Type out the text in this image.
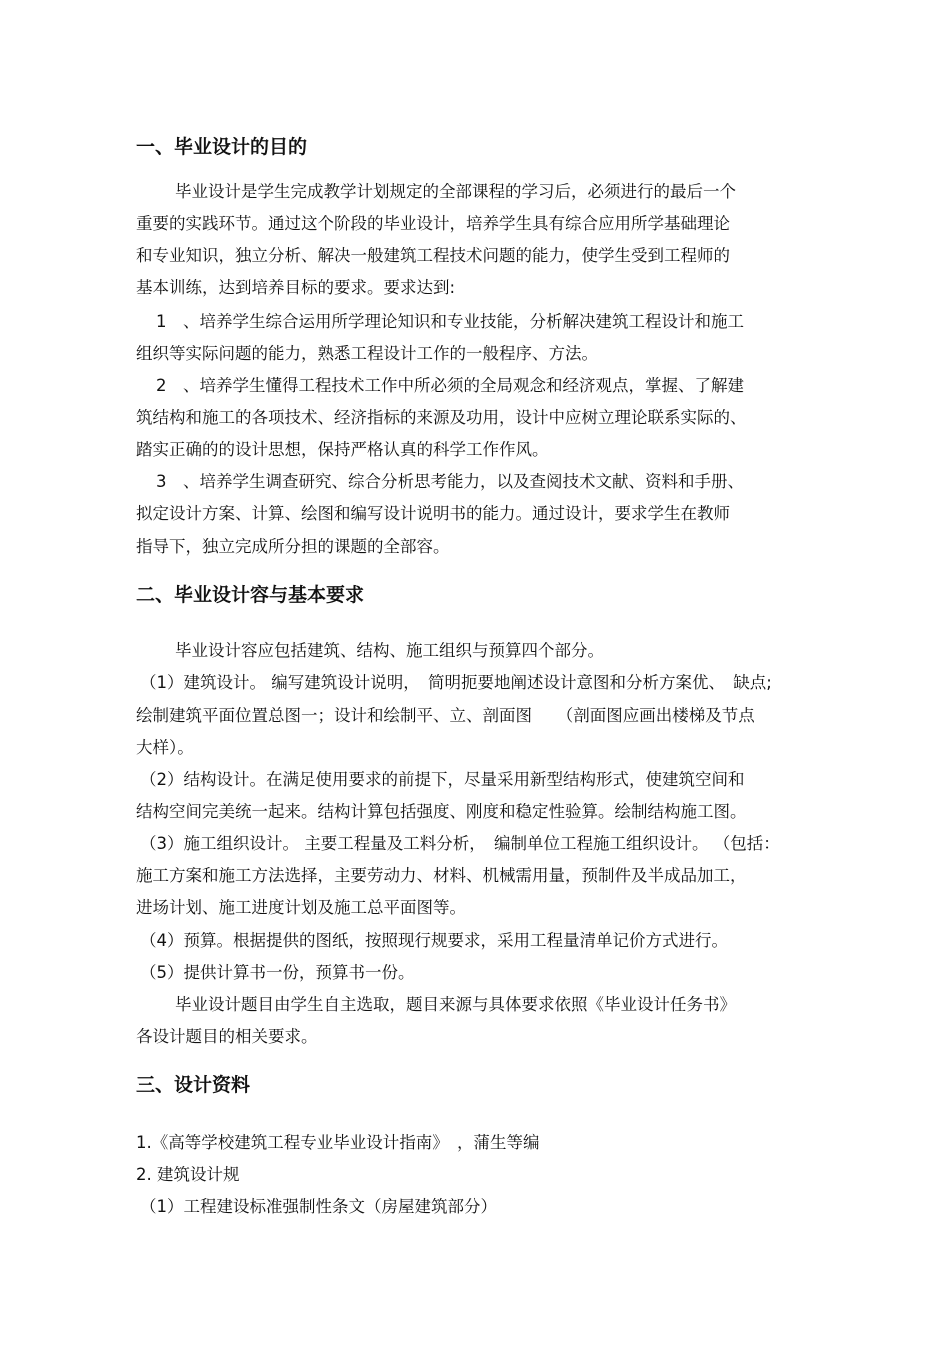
一、毕业设计的目的

毕业设计是学生完成教学计划规定的全部课程的学习后，必须进行的最后一个

重要的实践环节。通过这个阶段的毕业设计，培养学生具有综合应用所学基础理论

和专业知识，独立分析、解决一般建筑工程技术问题的能力，使学生受到工程师的

基本训练，达到培养目标的要求。要求达到:

1　、培养学生综合运用所学理论知识和专业技能，分析解决建筑工程设计和施工

组织等实际问题的能力，熟悉工程设计工作的一般程序、方法。

2　、培养学生懂得工程技术工作中所必须的全局观念和经济观点，掌握、了解建

筑结构和施工的各项技术、经济指标的来源及功用，设计中应树立理论联系实际的、

踏实正确的的设计思想，保持严格认真的科学工作作风。

3　、培养学生调查研究、综合分析思考能力，以及查阅技术文献、资料和手册、

拟定设计方案、计算、绘图和编写设计说明书的能力。通过设计，要求学生在教师

指导下，独立完成所分担的课题的全部容。

二、毕业设计容与基本要求

毕业设计容应包括建筑、结构、施工组织与预算四个部分。

（1）建筑设计。 编写建筑设计说明，　简明扼要地阐述设计意图和分析方案优、　缺点;

绘制建筑平面位置总图一；设计和绘制平、立、剖面图　　（剖面图应画出楼梯及节点

大样）。

（2）结构设计。在满足使用要求的前提下，尽量采用新型结构形式，使建筑空间和

结构空间完美统一起来。结构计算包括强度、刚度和稳定性验算。绘制结构施工图。

（3）施工组织设计。 主要工程量及工料分析，　编制单位工程施工组织设计。 （包括：

施工方案和施工方法选择，主要劳动力、材料、机械需用量，预制件及半成品加工，

进场计划、施工进度计划及施工总平面图等。

（4）预算。根据提供的图纸，按照现行规要求，采用工程量清单记价方式进行。

（5）提供计算书一份，预算书一份。

毕业设计题目由学生自主选取，题目来源与具体要求依照《毕业设计任务书》

各设计题目的相关要求。

三、设计资料

1.《高等学校建筑工程专业毕业设计指南》　，蒲生等编

2. 建筑设计规

（1）工程建设标准强制性条文（房屋建筑部分）
